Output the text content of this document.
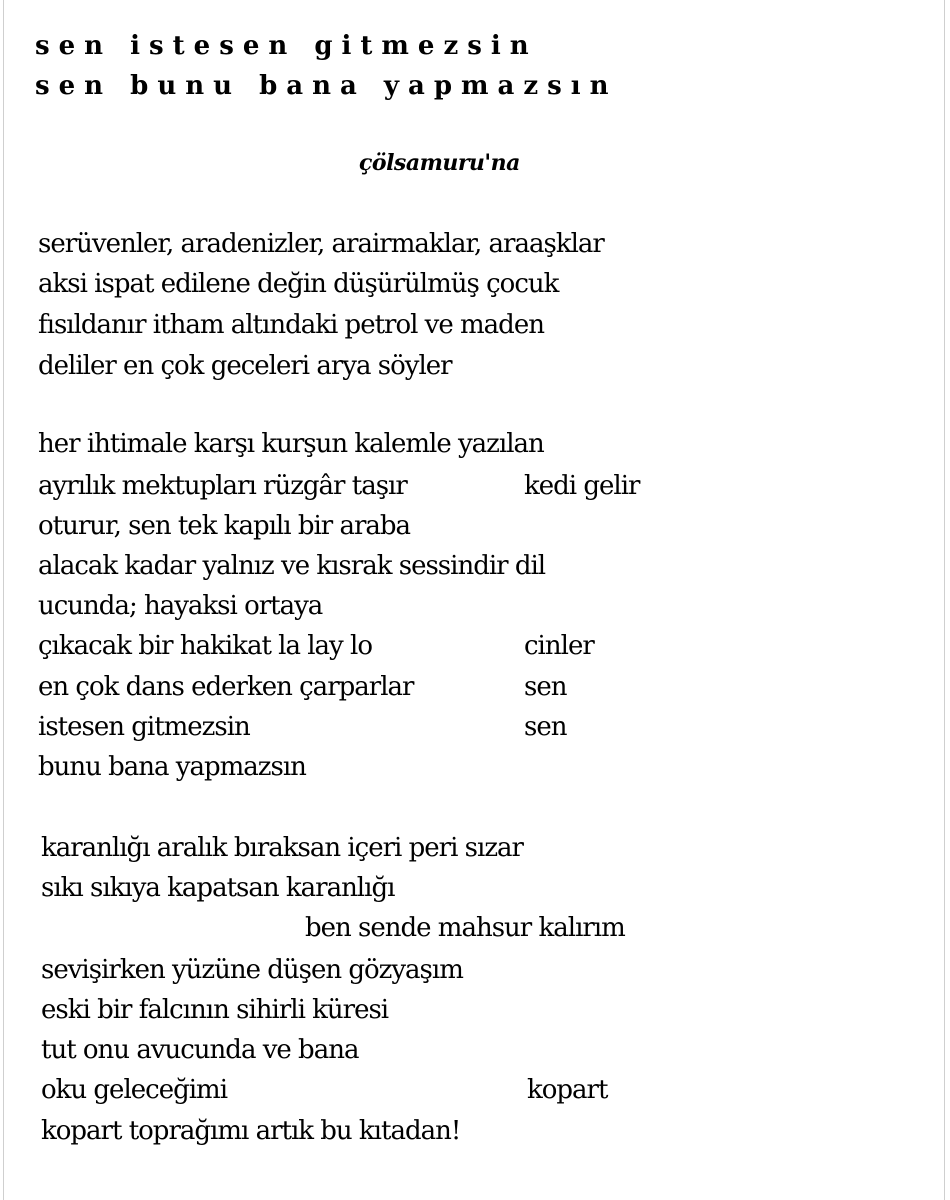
sen istesen gitmezsin
sen bunu bana yapmazsın
çölsamuru'na
serüvenler, aradenizler, arairmaklar, araaşklar
aksi ispat edilene değin düşürülmüş çocuk
fısıldanır itham altındaki petrol ve maden
deliler en çok geceleri arya söyler
her ihtimale karşı kurşun kalemle yazılan
ayrılık mektupları rüzgâr taşır	kedi gelir
oturur, sen tek kapılı bir araba
alacak kadar yalnız ve kısrak sessindir dil
ucunda; hayaksi ortaya
çıkacak bir hakikat la lay lo	cinler
en çok dans ederken çarparlar	sen
istesen gitmezsin	sen
bunu bana yapmazsın
karanlığı aralık bıraksan içeri peri sızar
sıkı sıkıya kapatsan karanlığı
ben sende mahsur kalırım
sevişirken yüzüne düşen gözyaşım
eski bir falcının sihirli küresi
tut onu avucunda ve bana
oku geleceğimi	kopart
kopart toprağımı artık bu kıtadan!
